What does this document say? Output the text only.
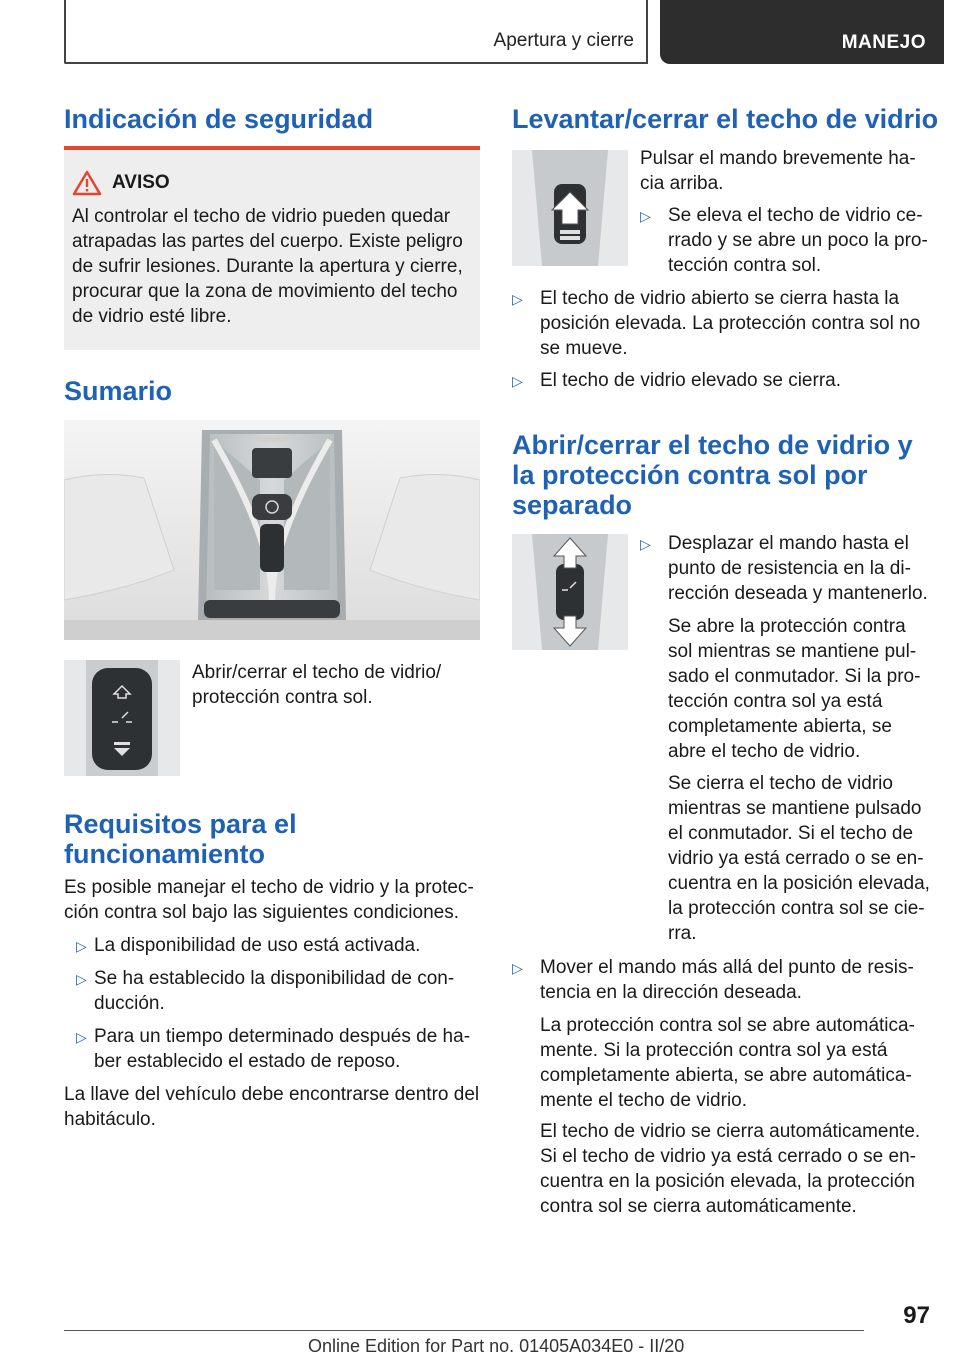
Apertura y cierre	MANEJO
Indicación de seguridad
AVISO

Al controlar el techo de vidrio pueden quedar atrapadas las partes del cuerpo. Existe peligro de sufrir lesiones. Durante la apertura y cierre, procurar que la zona de movimiento del techo de vidrio esté libre.

Sumario

Abrir/cerrar el techo de vidrio/ protección contra sol.

Requisitos para el funcionamiento

Es posible manejar el techo de vidrio y la protección contra sol bajo las siguientes condiciones.

▷ La disponibilidad de uso está activada.
▷ Se ha establecido la disponibilidad de conducción.
▷ Para un tiempo determinado después de haber establecido el estado de reposo.

La llave del vehículo debe encontrarse dentro del habitáculo.

Levantar/cerrar el techo de vidrio

Pulsar el mando brevemente hacia arriba.

▷ Se eleva el techo de vidrio cerrado y se abre un poco la protección contra sol.
▷ El techo de vidrio abierto se cierra hasta la posición elevada. La protección contra sol no se mueve.
▷ El techo de vidrio elevado se cierra.
Abrir/cerrar el techo de vidrio y la protección contra sol por separado
▷ Desplazar el mando hasta el punto de resistencia en la dirección deseada y mantenerlo.

Se abre la protección contra sol mientras se mantiene pulsado el conmutador. Si la protección contra sol ya está completamente abierta, se abre el techo de vidrio.

Se cierra el techo de vidrio mientras se mantiene pulsado el conmutador. Si el techo de vidrio ya está cerrado o se encuentra en la posición elevada, la protección contra sol se cierra.

▷ Mover el mando más allá del punto de resistencia en la dirección deseada.

La protección contra sol se abre automáticamente. Si la protección contra sol ya está completamente abierta, se abre automáticamente el techo de vidrio.

El techo de vidrio se cierra automáticamente. Si el techo de vidrio ya está cerrado o se encuentra en la posición elevada, la protección contra sol se cierra automáticamente.

97
Online Edition for Part no. 01405A034E0 - II/20
